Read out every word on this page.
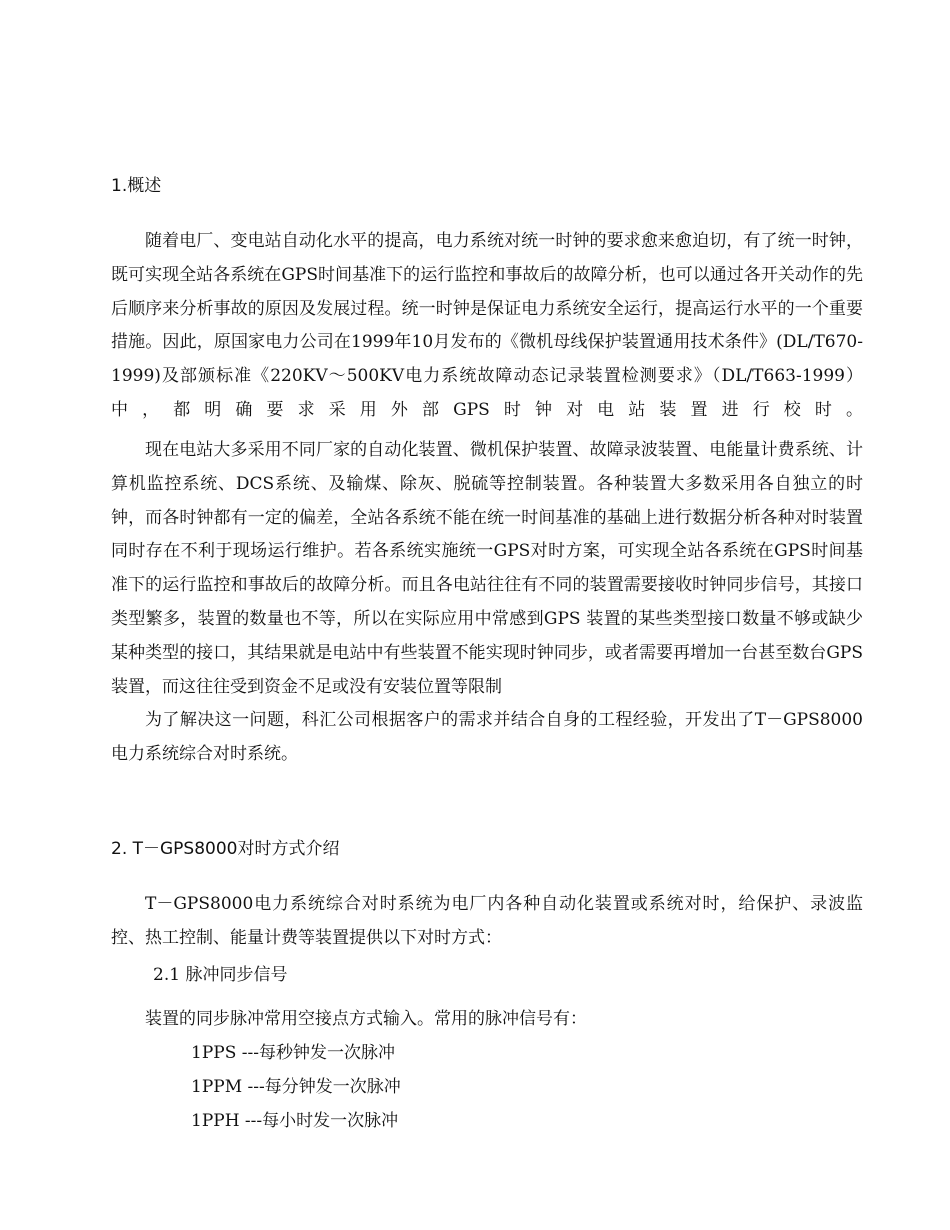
1.概述
随着电厂、变电站自动化水平的提高，电力系统对统一时钟的要求愈来愈迫切，有了统一时钟，既可实现全站各系统在GPS时间基准下的运行监控和事故后的故障分析，也可以通过各开关动作的先后顺序来分析事故的原因及发展过程。统一时钟是保证电力系统安全运行，提高运行水平的一个重要措施。因此，原国家电力公司在1999年10月发布的《微机母线保护装置通用技术条件》(DL/T670-1999)及部颁标准《220KV～500KV电力系统故障动态记录装置检测要求》（DL/T663-1999）中，都明确要求采用外部GPS时钟对电站装置进行校时。
现在电站大多采用不同厂家的自动化装置、微机保护装置、故障录波装置、电能量计费系统、计算机监控系统、DCS系统、及输煤、除灰、脱硫等控制装置。各种装置大多数采用各自独立的时钟，而各时钟都有一定的偏差，全站各系统不能在统一时间基准的基础上进行数据分析各种对时装置同时存在不利于现场运行维护。若各系统实施统一GPS对时方案，可实现全站各系统在GPS时间基准下的运行监控和事故后的故障分析。而且各电站往往有不同的装置需要接收时钟同步信号，其接口类型繁多，装置的数量也不等，所以在实际应用中常感到GPS 装置的某些类型接口数量不够或缺少某种类型的接口，其结果就是电站中有些装置不能实现时钟同步，或者需要再增加一台甚至数台GPS装置，而这往往受到资金不足或没有安装位置等限制
为了解决这一问题，科汇公司根据客户的需求并结合自身的工程经验，开发出了T－GPS8000电力系统综合对时系统。
2. T－GPS8000对时方式介绍
T－GPS8000电力系统综合对时系统为电厂内各种自动化装置或系统对时，给保护、录波监控、热工控制、能量计费等装置提供以下对时方式：
2.1 脉冲同步信号
装置的同步脉冲常用空接点方式输入。常用的脉冲信号有：
1PPS ---每秒钟发一次脉冲
1PPM ---每分钟发一次脉冲
1PPH ---每小时发一次脉冲
